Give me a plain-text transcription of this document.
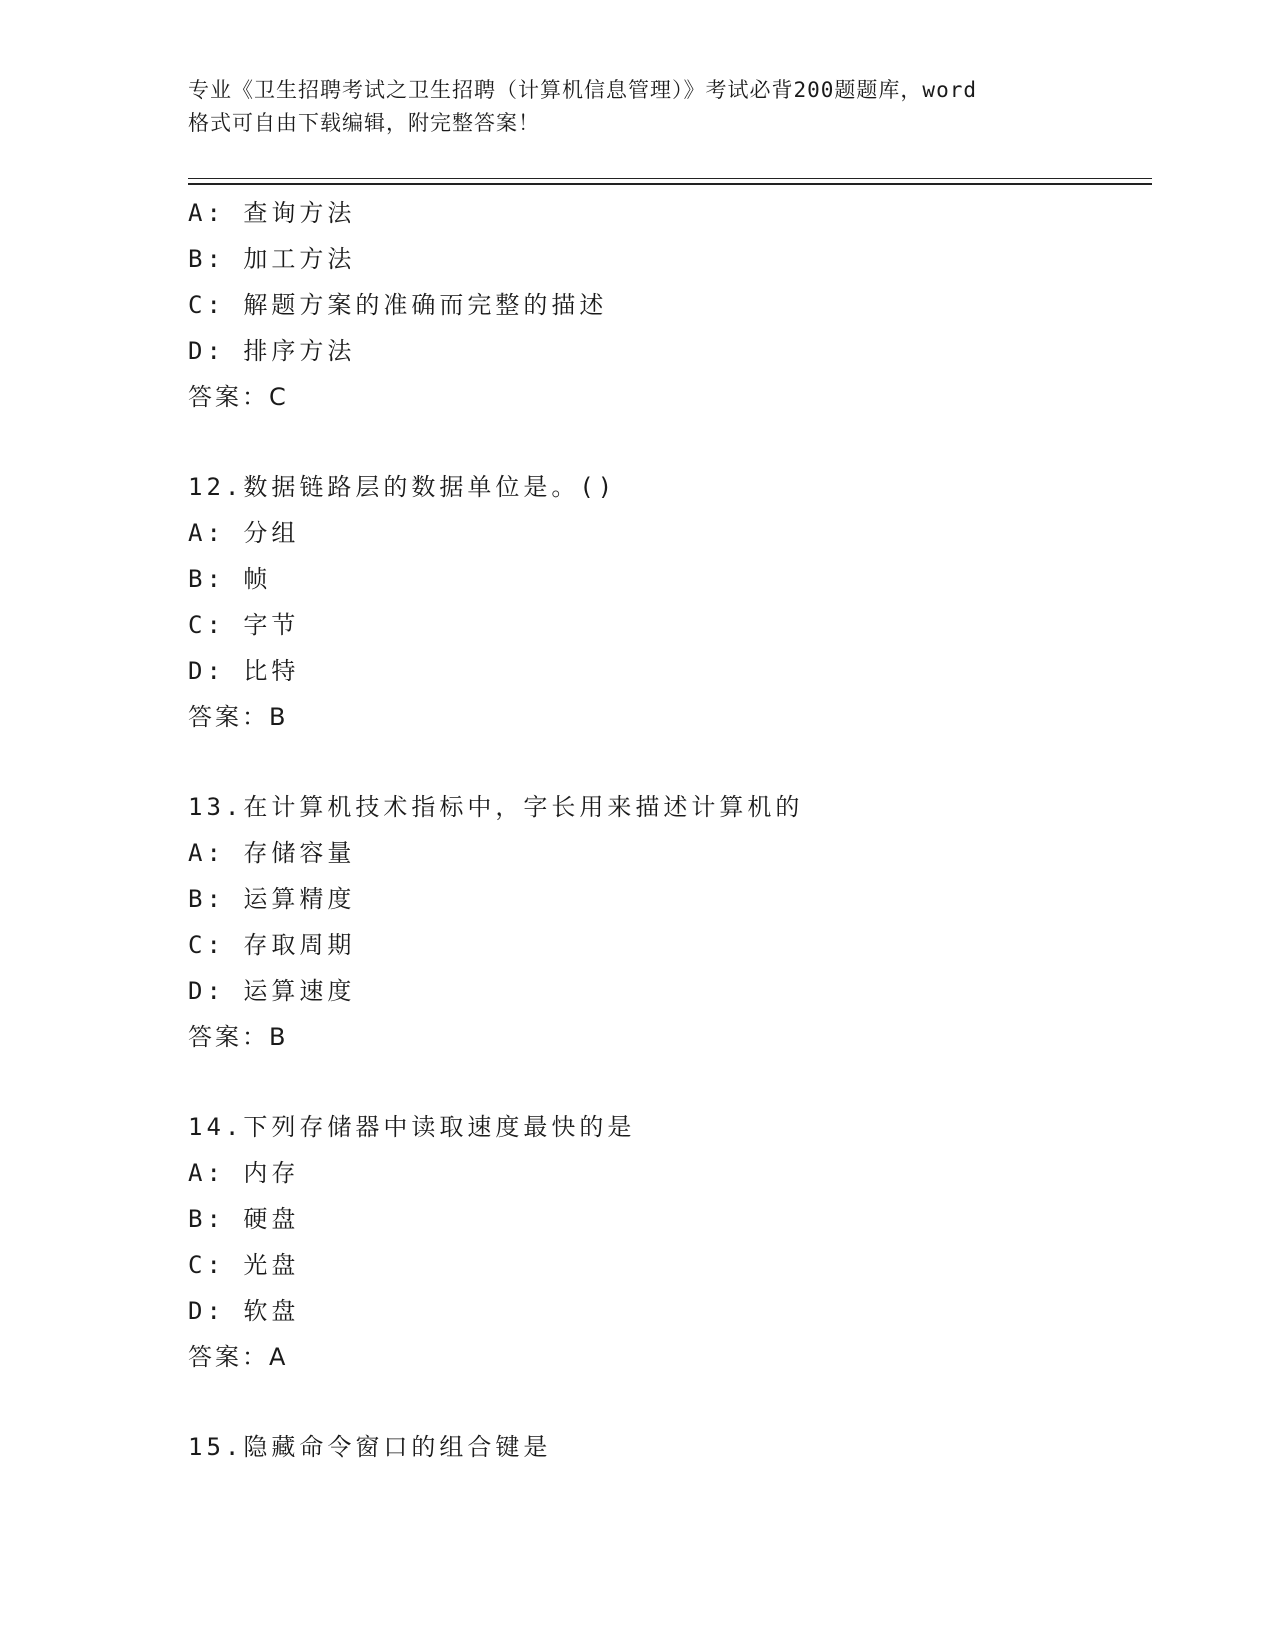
专业《卫生招聘考试之卫生招聘（计算机信息管理）》考试必背200题题库，word
格式可自由下载编辑，附完整答案！
A: 查询方法
B: 加工方法
C: 解题方案的准确而完整的描述
D: 排序方法
答案：C
12.数据链路层的数据单位是。()
A: 分组
B: 帧
C: 字节
D: 比特
答案：B
13.在计算机技术指标中，字长用来描述计算机的
A: 存储容量
B: 运算精度
C: 存取周期
D: 运算速度
答案：B
14.下列存储器中读取速度最快的是
A: 内存
B: 硬盘
C: 光盘
D: 软盘
答案：A
15.隐藏命令窗口的组合键是
